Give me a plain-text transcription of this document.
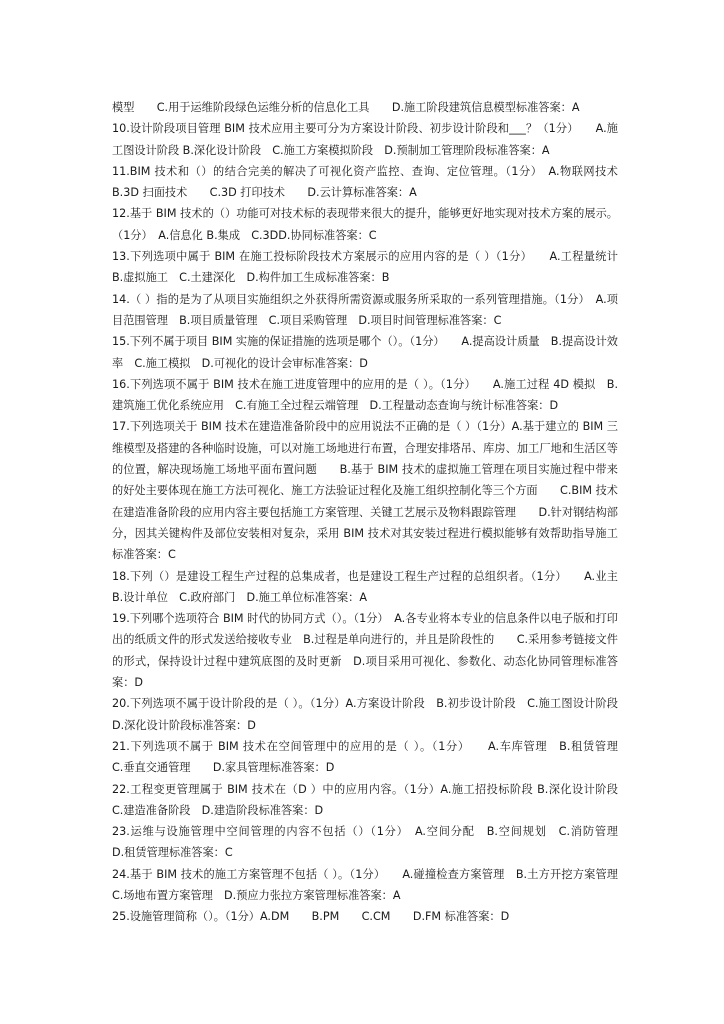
模型　　C.用于运维阶段绿色运维分析的信息化工具　　D.施工阶段建筑信息模型标准答案：A

10.设计阶段项目管理 BIM 技术应用主要可分为方案设计阶段、初步设计阶段和___？（1分）　　A.施工图设计阶段 B.深化设计阶段　C.施工方案模拟阶段　D.预制加工管理阶段标准答案：A

11.BIM 技术和（）的结合完美的解决了可视化资产监控、查询、定位管理。（1分）　A.物联网技术　B.3D 扫面技术　　C.3D 打印技术　　D.云计算标准答案：A

12.基于 BIM 技术的（）功能可对技术标的表现带来很大的提升，能够更好地实现对技术方案的展示。（1分）　A.信息化 B.集成　C.3DD.协同标准答案：C

13.下列选项中属于 BIM 在施工投标阶段技术方案展示的应用内容的是（ ）（1分）　　A.工程量统计　B.虚拟施工　C.土建深化　D.构件加工生成标准答案：B

14.（ ）指的是为了从项目实施组织之外获得所需资源或服务所采取的一系列管理措施。（1分）　A.项目范围管理　B.项目质量管理　C.项目采购管理　D.项目时间管理标准答案：C

15.下列不属于项目 BIM 实施的保证措施的选项是哪个（）。（1分）　　A.提高设计质量　B.提高设计效率　C.施工模拟　D.可视化的设计会审标准答案：D

16.下列选项不属于 BIM 技术在施工进度管理中的应用的是（ ）。（1分）　　A.施工过程 4D 模拟　B.建筑施工优化系统应用　C.有施工全过程云端管理　D.工程量动态查询与统计标准答案：D

17.下列选项关于 BIM 技术在建造准备阶段中的应用说法不正确的是（ ）（1分）A.基于建立的 BIM 三维模型及搭建的各种临时设施，可以对施工场地进行布置，合理安排塔吊、库房、加工厂地和生活区等的位置，解决现场施工场地平面布置问题　　B.基于 BIM 技术的虚拟施工管理在项目实施过程中带来的好处主要体现在施工方法可视化、施工方法验证过程化及施工组织控制化等三个方面　　C.BIM 技术在建造准备阶段的应用内容主要包括施工方案管理、关键工艺展示及物料跟踪管理　　D.针对钢结构部分，因其关键构件及部位安装相对复杂，采用 BIM 技术对其安装过程进行模拟能够有效帮助指导施工标准答案：C

18.下列（）是建设工程生产过程的总集成者，也是建设工程生产过程的总组织者。（1分）　　A.业主　B.设计单位　C.政府部门　D.施工单位标准答案：A

19.下列哪个选项符合 BIM 时代的协同方式（）。（1分）　A.各专业将本专业的信息条件以电子版和打印出的纸质文件的形式发送给接收专业　B.过程是单向进行的，并且是阶段性的　　C.采用参考链接文件的形式，保持设计过程中建筑底图的及时更新　D.项目采用可视化、参数化、动态化协同管理标准答案：D

20.下列选项不属于设计阶段的是（ ）。（1分）A.方案设计阶段　B.初步设计阶段　C.施工图设计阶段　D.深化设计阶段标准答案：D

21.下列选项不属于 BIM 技术在空间管理中的应用的是（ ）。（1分）　　A.车库管理　B.租赁管理　　C.垂直交通管理　　D.家具管理标准答案：D

22.工程变更管理属于 BIM 技术在（D ）中的应用内容。（1分）A.施工招投标阶段 B.深化设计阶段　　C.建造准备阶段　D.建造阶段标准答案：D

23.运维与设施管理中空间管理的内容不包括（）（1分）　A.空间分配　B.空间规划　C.消防管理　　D.租赁管理标准答案：C

24.基于 BIM 技术的施工方案管理不包括（ ）。（1分）　　A.碰撞检查方案管理　B.土方开挖方案管理　　C.场地布置方案管理　D.预应力张拉方案管理标准答案：A

25.设施管理简称（）。（1分）A.DM　　B.PM　　C.CM　　D.FM 标准答案：D
